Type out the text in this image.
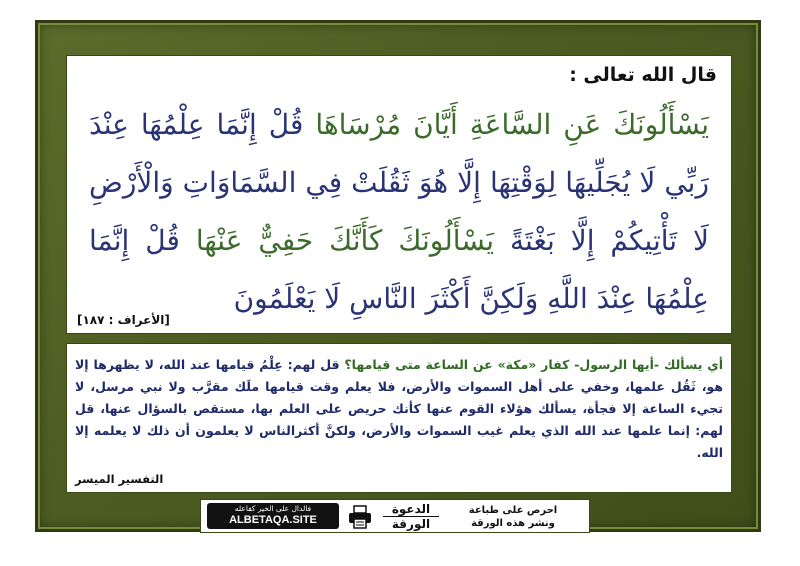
قال الله تعالى :

يَسْأَلُونَكَ عَنِ السَّاعَةِ أَيَّانَ مُرْسَاهَا قُلْ إِنَّمَا عِلْمُهَا عِنْدَ رَبِّي لَا يُجَلِّيهَا لِوَقْتِهَا إِلَّا هُوَ ثَقُلَتْ فِي السَّمَاوَاتِ وَالْأَرْضِ لَا تَأْتِيكُمْ إِلَّا بَغْتَةً يَسْأَلُونَكَ كَأَنَّكَ حَفِيٌّ عَنْهَا قُلْ إِنَّمَا عِلْمُهَا عِنْدَ اللَّهِ وَلَكِنَّ أَكْثَرَ النَّاسِ لَا يَعْلَمُونَ

[الأعراف : ١٨٧]

أي يسألك -أيها الرسول- كفار «مكة» عن الساعة متى قيامها؟ قل لهم: عِلْمُ قيامها عند الله، لا يظهرها إلا هو، ثَقُل علمها، وخفي على أهل السموات والأرض، فلا يعلم وقت قيامها ملَك مقرَّب ولا نبي مرسل، لا تجيء الساعة إلا فجأة، يسألك هؤلاء القوم عنها كأنك حريص على العلم بها، مستقص بالسؤال عنها، قل لهم: إنما علمها عند الله الذي يعلم غيب السموات والأرض، ولكنَّ أكثرالناس لا يعلمون أن ذلك لا يعلمه إلا الله.

التفسير الميسر
فالدال على الخير كفاعله
ALBETAQA.SITE
الدعوة
الورقة
احرص على طباعة
ونشر هذه الورقة
